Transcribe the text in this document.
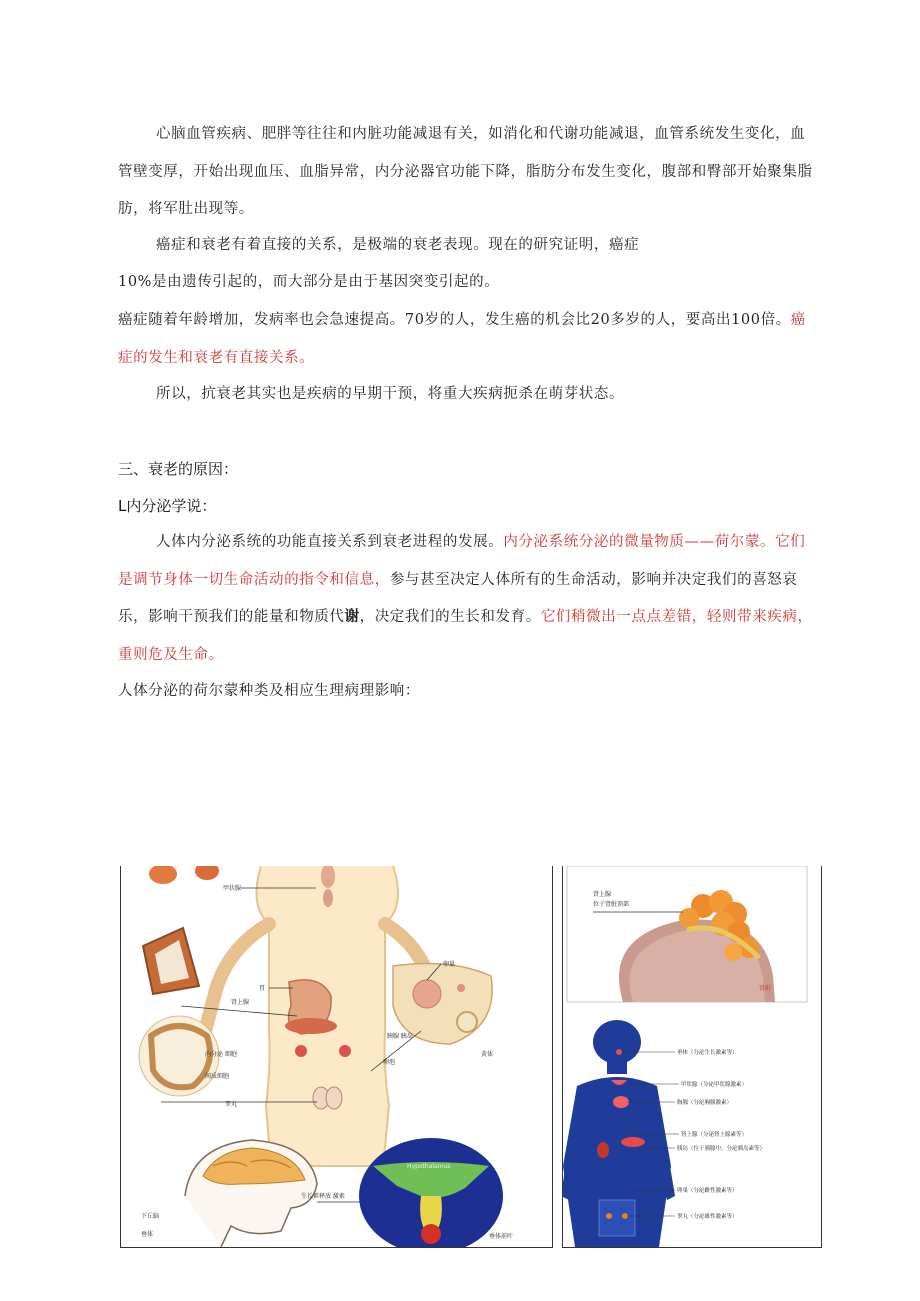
心脑血管疾病、肥胖等往往和内脏功能减退有关，如消化和代谢功能减退，血管系统发生变化，血管壁变厚，开始出现血压、血脂异常，内分泌器官功能下降，脂肪分布发生变化，腹部和臀部开始聚集脂肪，将军肚出现等。

癌症和衰老有着直接的关系，是极端的衰老表现。现在的研究证明，癌症

10%是由遗传引起的，而大部分是由于基因突变引起的。

癌症随着年龄增加，发病率也会急速提高。70岁的人，发生癌的机会比20多岁的人，要高出100倍。癌症的发生和衰老有直接关系。

所以，抗衰老其实也是疾病的早期干预，将重大疾病扼杀在萌芽状态。

三、衰老的原因：
L内分泌学说：

人体内分泌系统的功能直接关系到衰老进程的发展。内分泌系统分泌的微量物质——荷尔蒙。它们是调节身体一切生命活动的指令和信息，参与甚至决定人体所有的生命活动，影响并决定我们的喜怒哀乐，影响干预我们的能量和物质代谢，决定我们的生长和发育。它们稍微出一点点差错，轻则带来疾病，重则危及生命。

人体分泌的荷尔蒙种类及相应生理病理影响：

甲状腺
胃
肾上腺
内分泌 细胞
间质细胞
睾丸
卵巢
胰腺 胰岛
黄体
卵泡
下丘脑
垂体
生长素释放 激素
Hypothalamus
垂体前叶
肾上腺
位于肾脏顶部
肾脏
垂体（分泌生长激素等）
甲状腺（分泌甲状腺激素）
胸腺（分泌胸腺激素）
肾上腺（分泌肾上腺素等）
胰岛（位于胰腺中，分泌胰岛素等）
卵巢（分泌雌性激素等）
睾丸（分泌雄性激素等）
